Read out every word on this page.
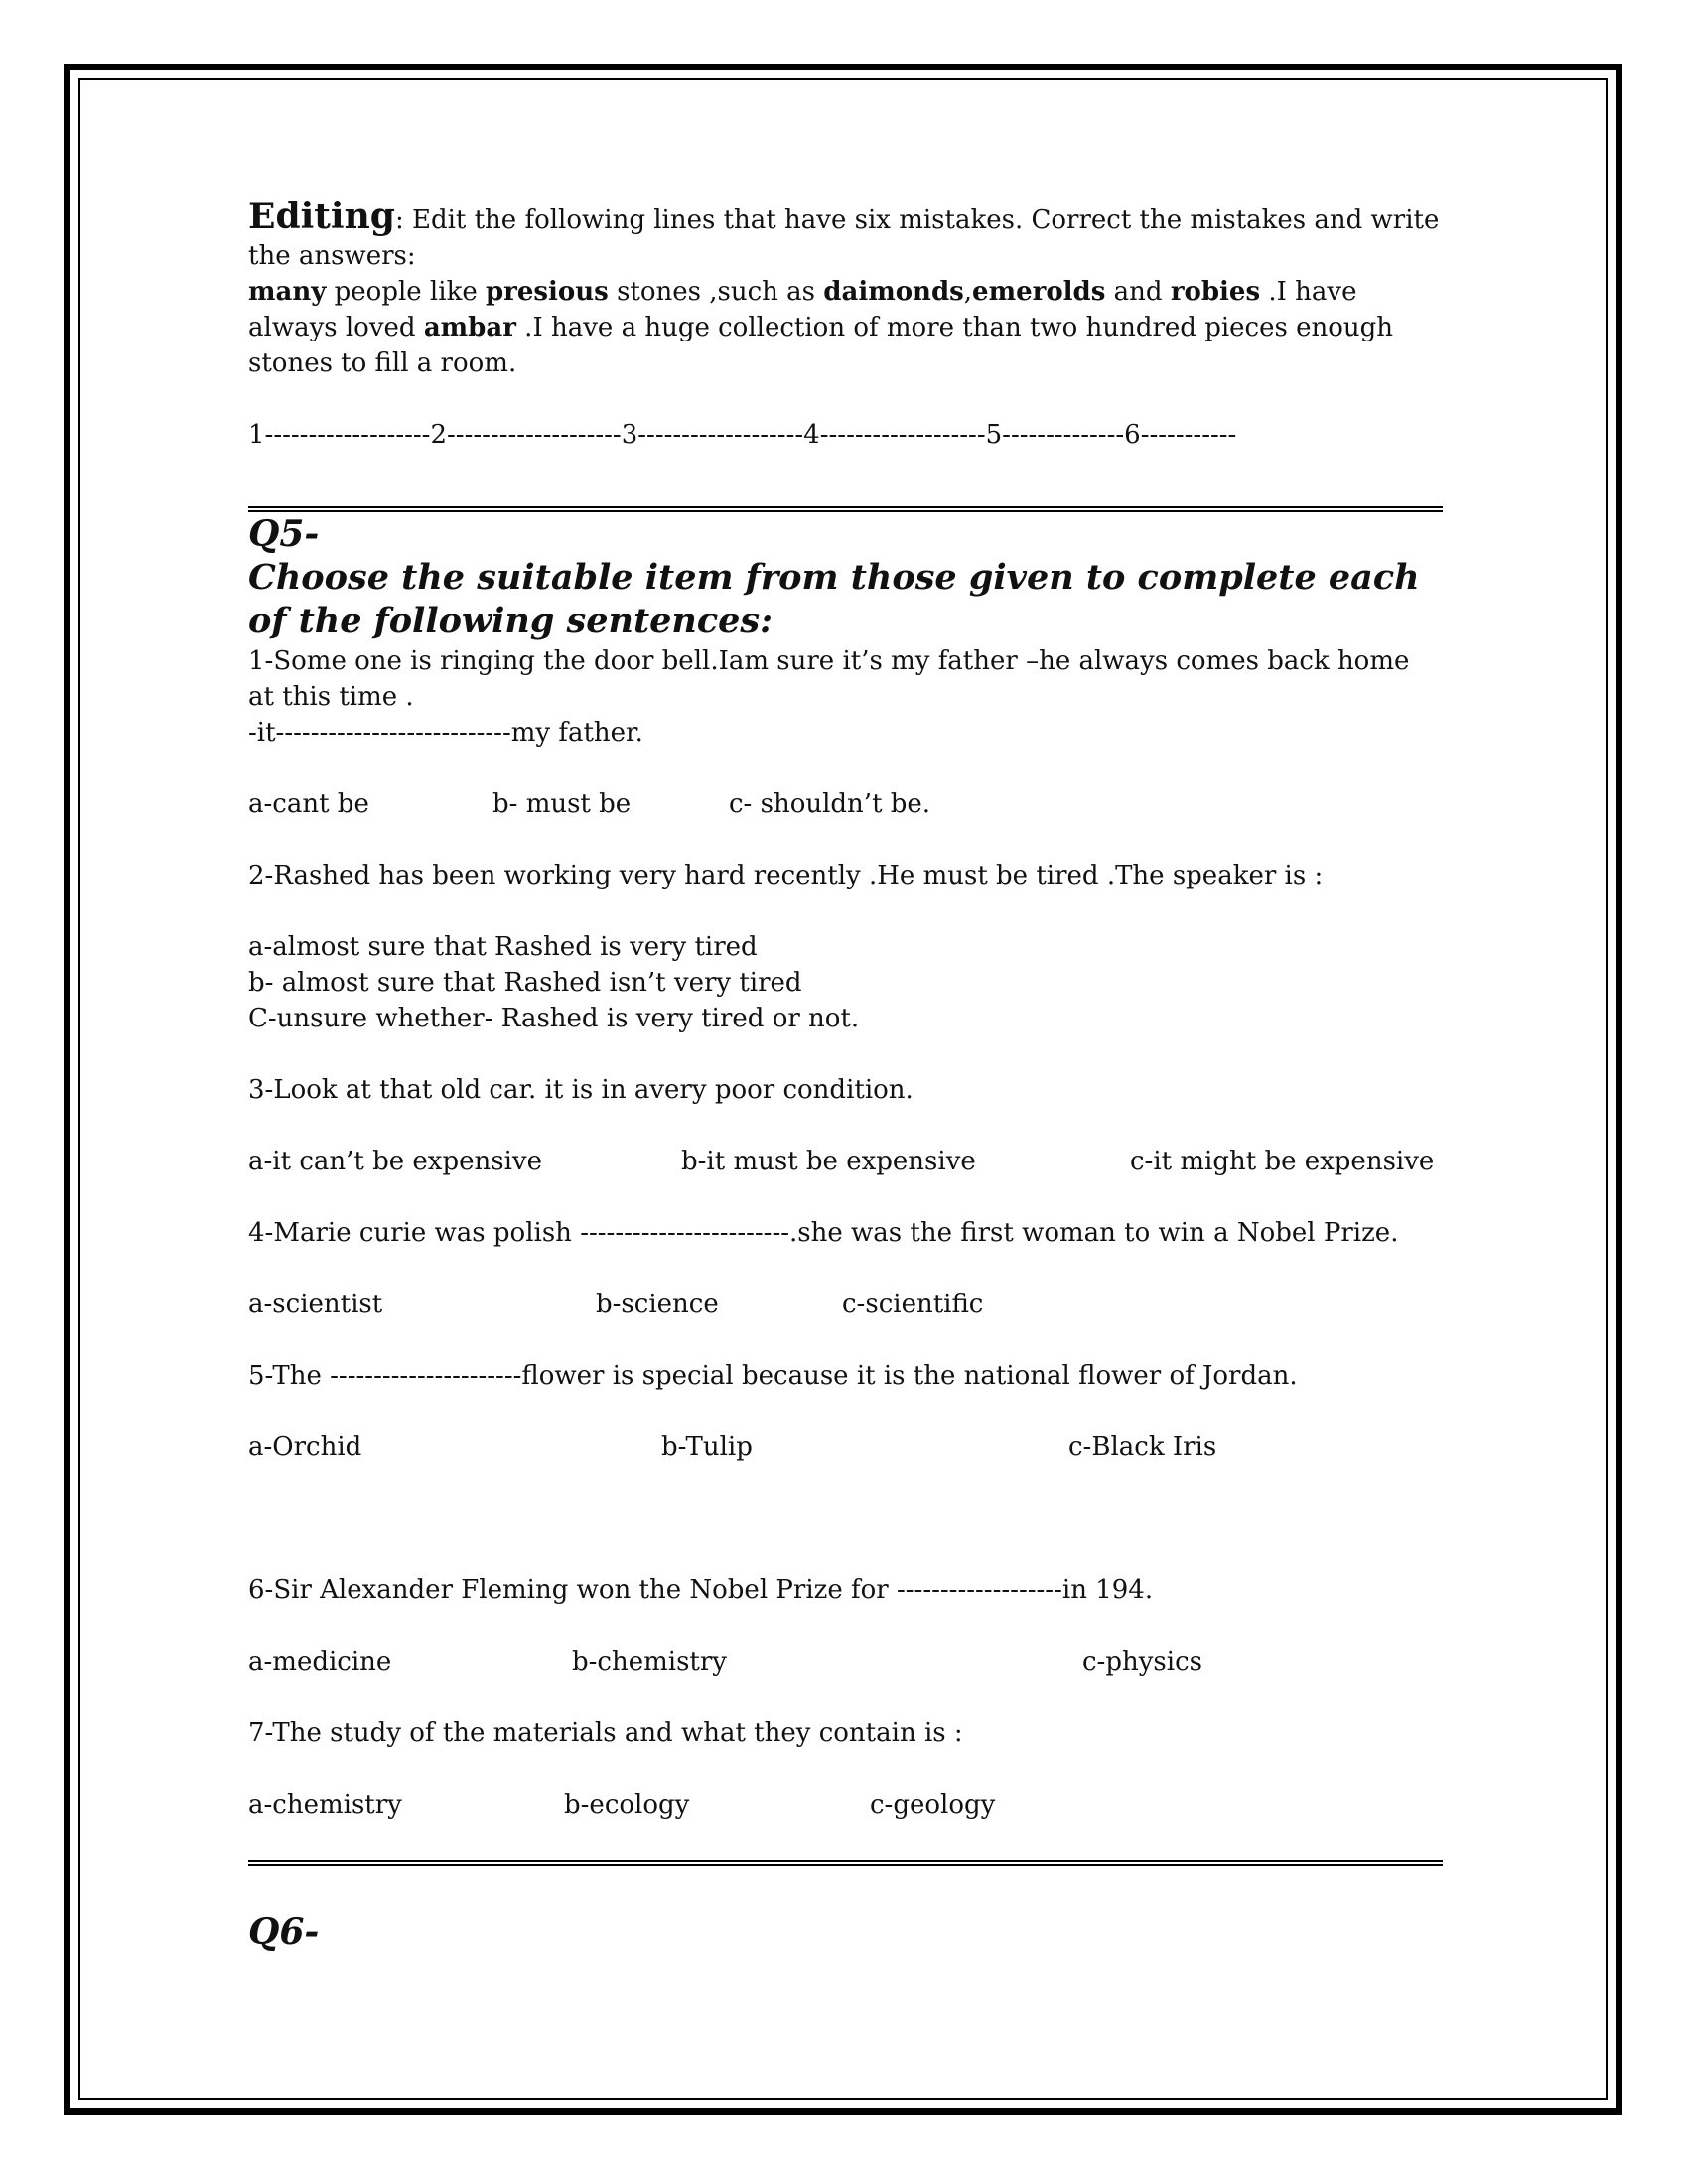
Editing: Edit the following lines that have six mistakes. Correct the mistakes and write the answers:

many people like presious stones ,such as daimonds,emerolds and robies .I have always loved ambar .I have a huge collection of more than two hundred pieces enough stones to fill a room.

1-------------------2--------------------3-------------------4-------------------5--------------6-----------

Q5-

Choose the suitable item from those given to complete each of the following sentences:

1-Some one is ringing the door bell.Iam sure it’s my father –he always comes back home at this time .

-it---------------------------my father.

a-cant be	b- must be	c- shouldn’t be.

2-Rashed has been working very hard recently .He must be tired .The speaker is :

a-almost sure that Rashed is very tired

b- almost sure that Rashed isn’t very tired

C-unsure whether- Rashed is very tired or not.

3-Look at that old car. it is in avery poor condition.

a-it can’t be expensive	b-it must be expensive	c-it might be expensive

4-Marie curie was polish ------------------------.she was the first woman to win a Nobel Prize.

a-scientist	b-science	c-scientific

5-The ----------------------flower is special because it is the national flower of Jordan.

a-Orchid	b-Tulip	c-Black Iris

6-Sir Alexander Fleming won the Nobel Prize for -------------------in 194.

a-medicine	b-chemistry	c-physics

7-The study of the materials and what they contain is :

a-chemistry	b-ecology	c-geology

Q6-
